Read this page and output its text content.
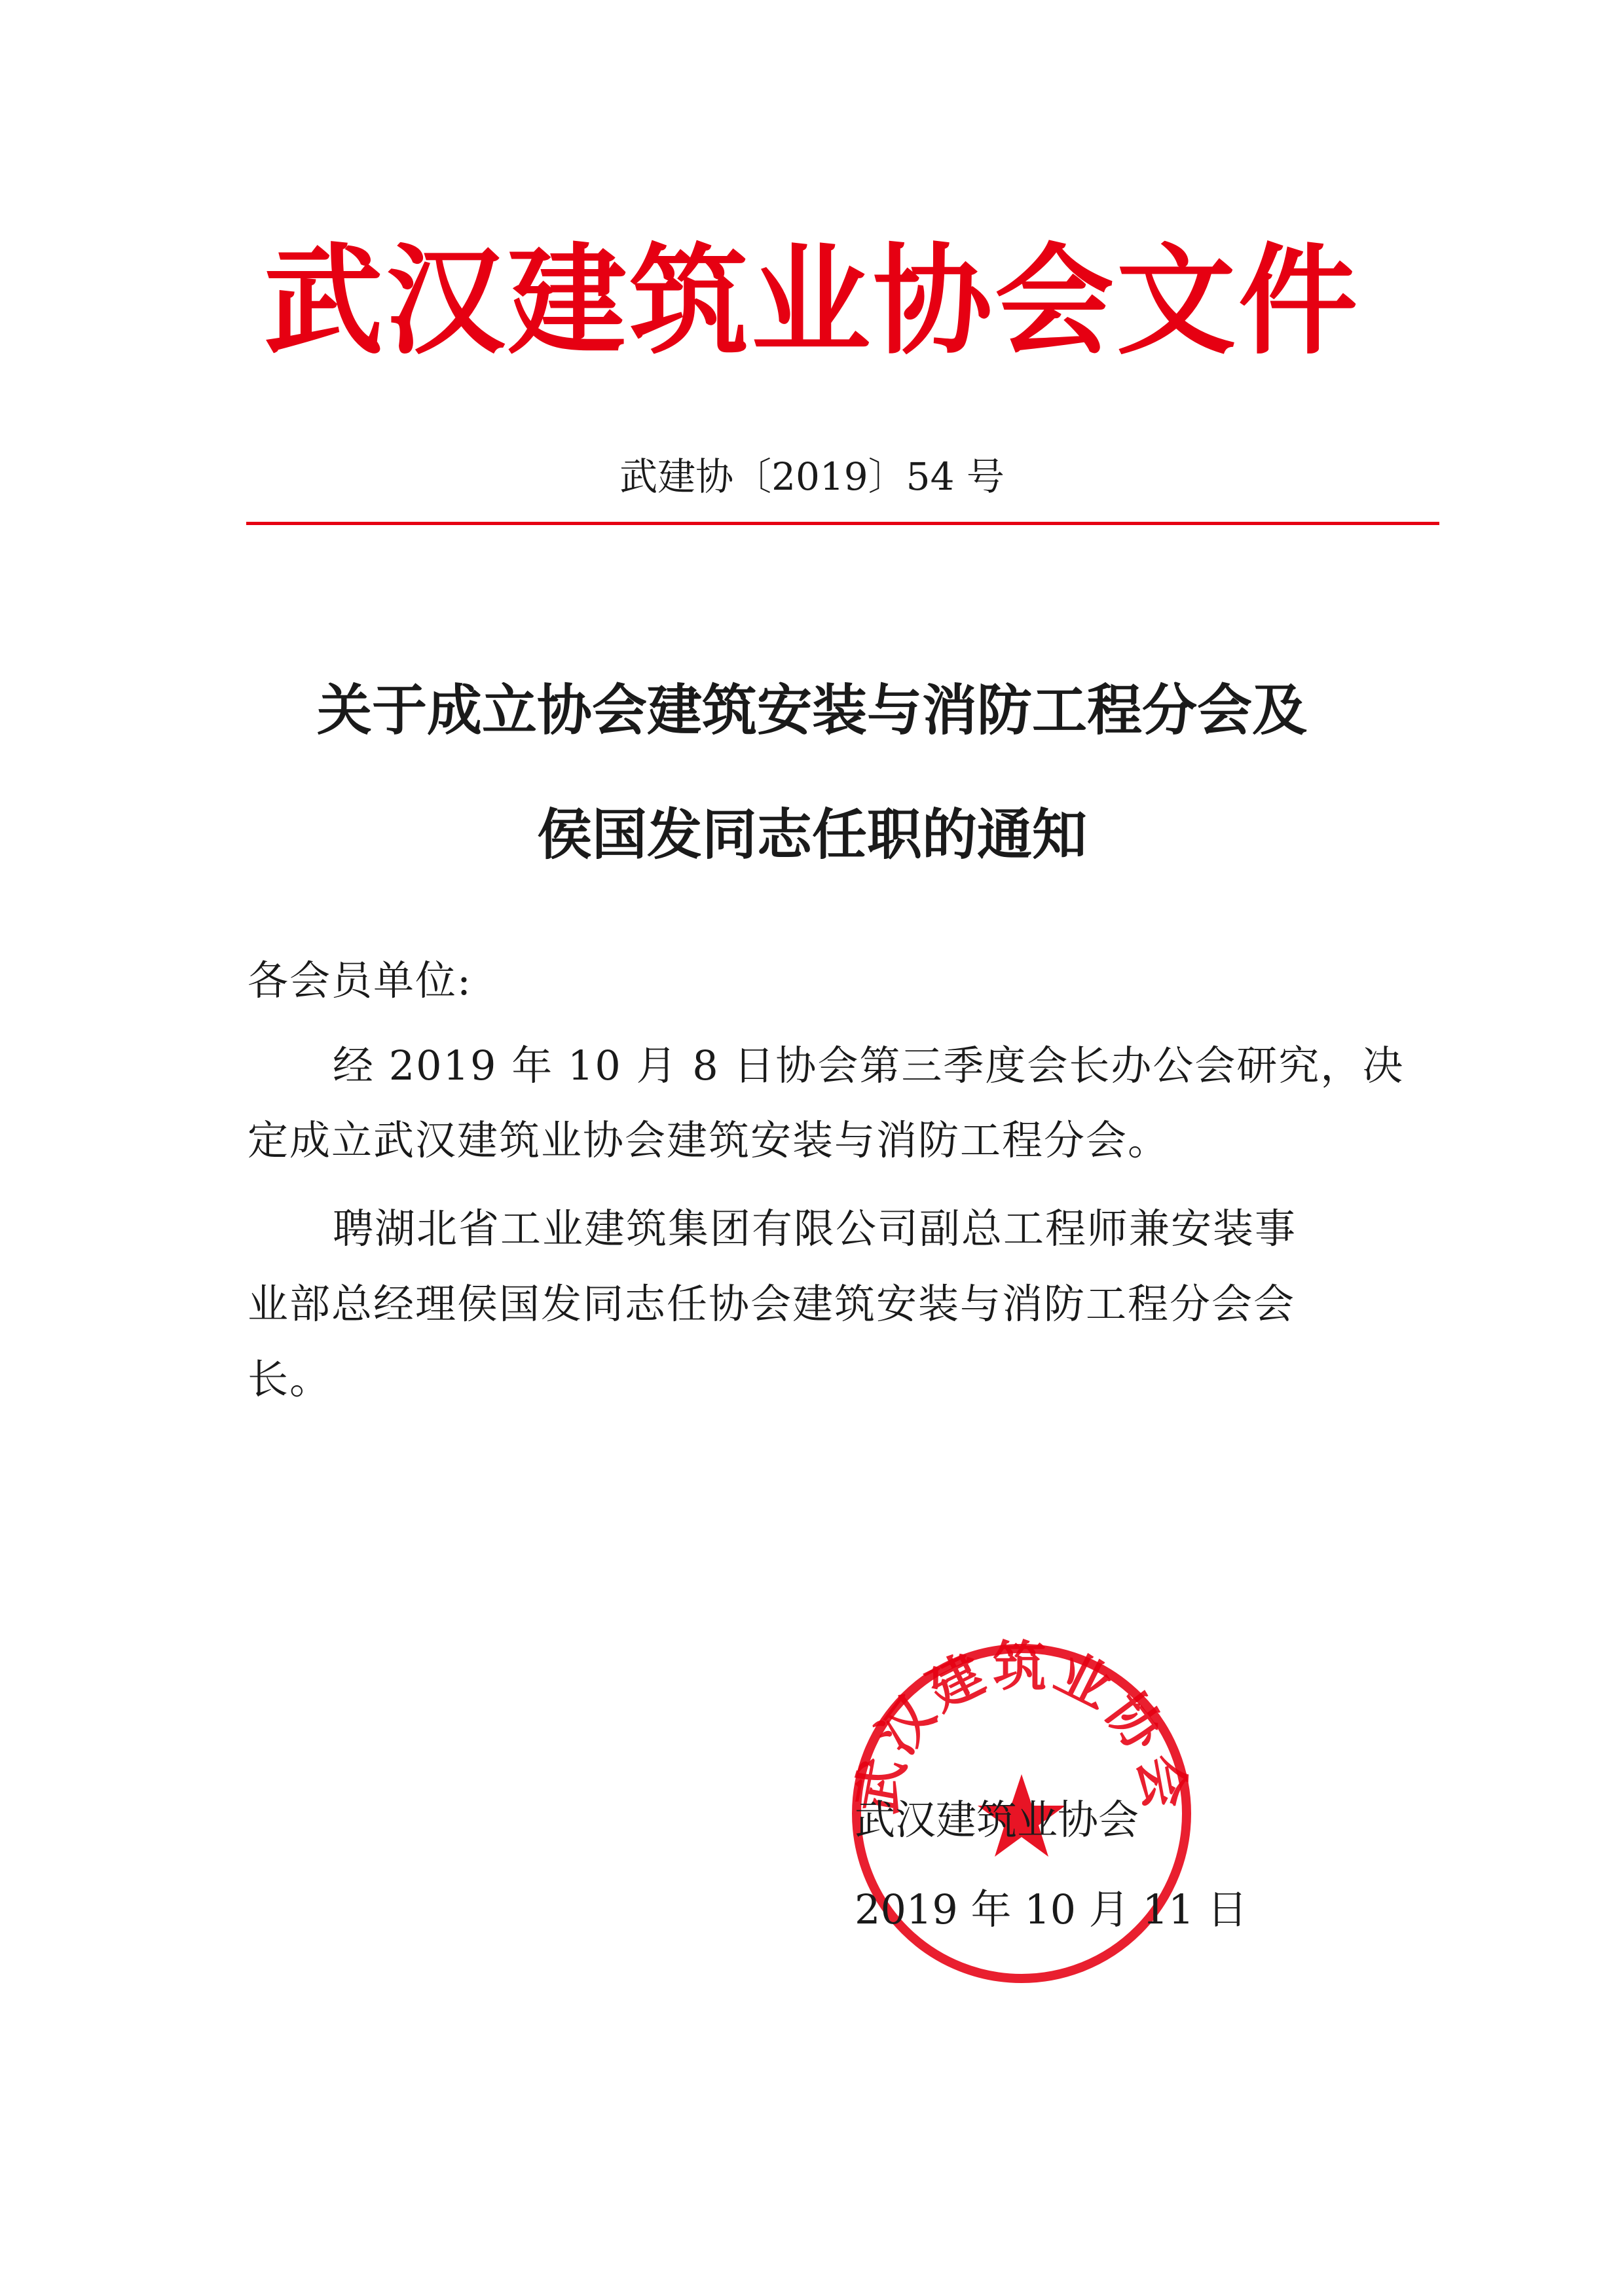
武汉建筑业协会文件
武建协〔2019〕54 号
关于成立协会建筑安装与消防工程分会及
侯国发同志任职的通知
各会员单位:
经 2019 年 10 月 8 日协会第三季度会长办公会研究，决
定成立武汉建筑业协会建筑安装与消防工程分会。
聘湖北省工业建筑集团有限公司副总工程师兼安装事
业部总经理侯国发同志任协会建筑安装与消防工程分会会
长。
武汉建筑业协会
武汉建筑业协会
2019 年 10 月 11 日
